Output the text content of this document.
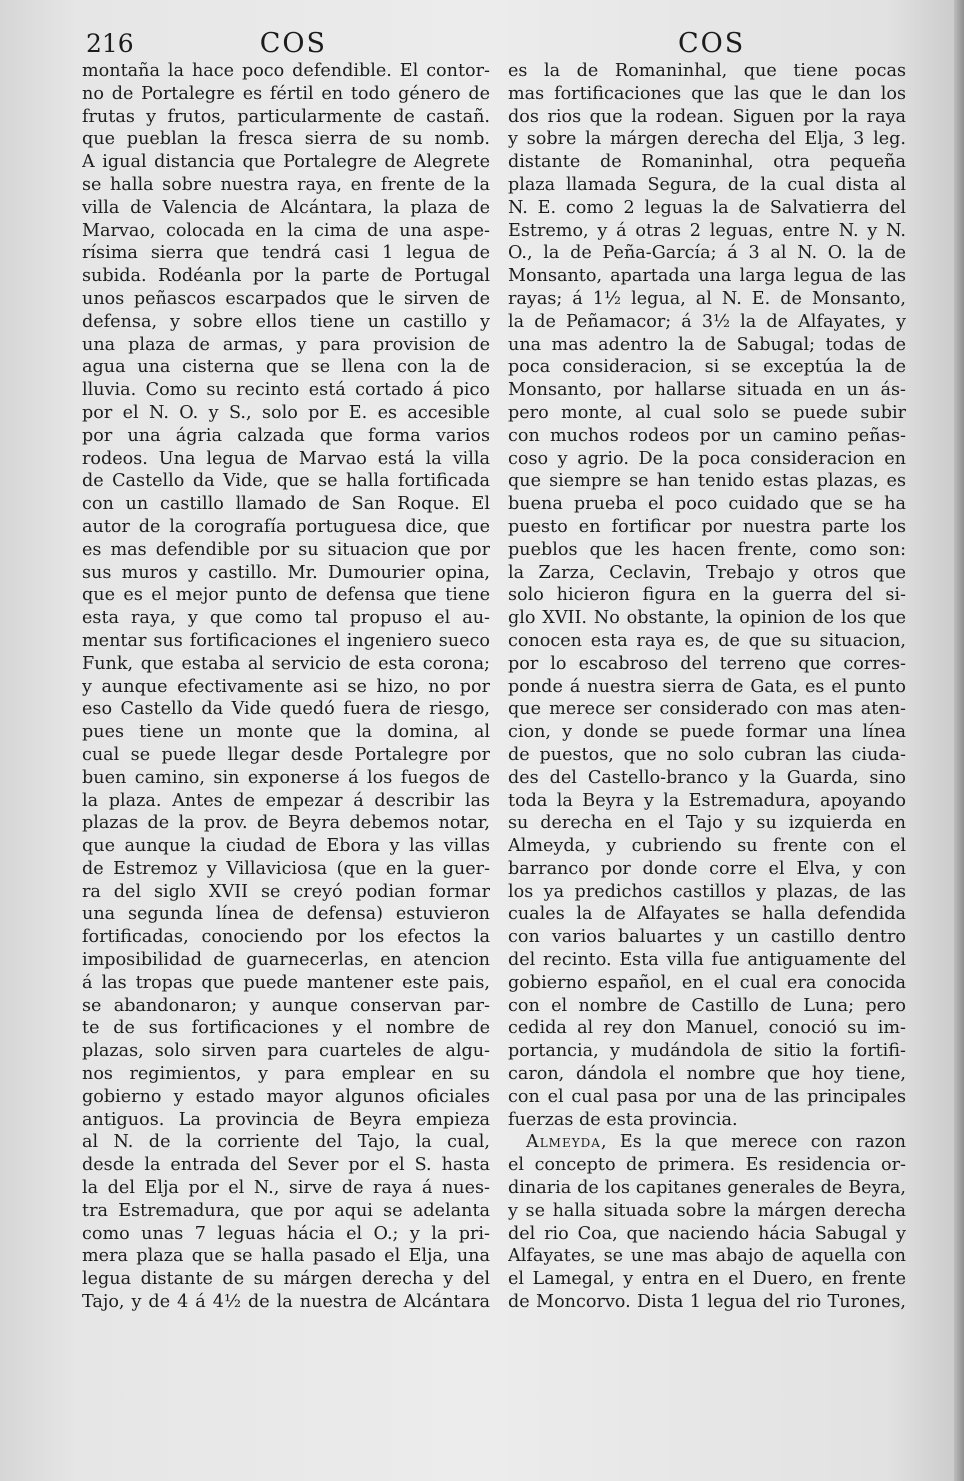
216	COS	COS
montaña la hace poco defendible. El contor-
no de Portalegre es fértil en todo género de
frutas y frutos, particularmente de castañ.
que pueblan la fresca sierra de su nomb.
A igual distancia que Portalegre de Alegrete
se halla sobre nuestra raya, en frente de la
villa de Valencia de Alcántara, la plaza de
Marvao, colocada en la cima de una aspe-
rísima sierra que tendrá casi 1 legua de
subida. Rodéanla por la parte de Portugal
unos peñascos escarpados que le sirven de
defensa, y sobre ellos tiene un castillo y
una plaza de armas, y para provision de
agua una cisterna que se llena con la de
lluvia. Como su recinto está cortado á pico
por el N. O. y S., solo por E. es accesible
por una ágria calzada que forma varios
rodeos. Una legua de Marvao está la villa
de Castello da Vide, que se halla fortificada
con un castillo llamado de San Roque. El
autor de la corografía portuguesa dice, que
es mas defendible por su situacion que por
sus muros y castillo. Mr. Dumourier opina,
que es el mejor punto de defensa que tiene
esta raya, y que como tal propuso el au-
mentar sus fortificaciones el ingeniero sueco
Funk, que estaba al servicio de esta corona;
y aunque efectivamente asi se hizo, no por
eso Castello da Vide quedó fuera de riesgo,
pues tiene un monte que la domina, al
cual se puede llegar desde Portalegre por
buen camino, sin exponerse á los fuegos de
la plaza. Antes de empezar á describir las
plazas de la prov. de Beyra debemos notar,
que aunque la ciudad de Ebora y las villas
de Estremoz y Villaviciosa (que en la guer-
ra del siglo XVII se creyó podian formar
una segunda línea de defensa) estuvieron
fortificadas, conociendo por los efectos la
imposibilidad de guarnecerlas, en atencion
á las tropas que puede mantener este pais,
se abandonaron; y aunque conservan par-
te de sus fortificaciones y el nombre de
plazas, solo sirven para cuarteles de algu-
nos regimientos, y para emplear en su
gobierno y estado mayor algunos oficiales
antiguos. La provincia de Beyra empieza
al N. de la corriente del Tajo, la cual,
desde la entrada del Sever por el S. hasta
la del Elja por el N., sirve de raya á nues-
tra Estremadura, que por aqui se adelanta
como unas 7 leguas hácia el O.; y la pri-
mera plaza que se halla pasado el Elja, una
legua distante de su márgen derecha y del
Tajo, y de 4 á 4½ de la nuestra de Alcántara
es la de Romaninhal, que tiene pocas
mas fortificaciones que las que le dan los
dos rios que la rodean. Siguen por la raya
y sobre la márgen derecha del Elja, 3 leg.
distante de Romaninhal, otra pequeña
plaza llamada Segura, de la cual dista al
N. E. como 2 leguas la de Salvatierra del
Estremo, y á otras 2 leguas, entre N. y N.
O., la de Peña-García; á 3 al N. O. la de
Monsanto, apartada una larga legua de las
rayas; á 1½ legua, al N. E. de Monsanto,
la de Peñamacor; á 3½ la de Alfayates, y
una mas adentro la de Sabugal; todas de
poca consideracion, si se exceptúa la de
Monsanto, por hallarse situada en un ás-
pero monte, al cual solo se puede subir
con muchos rodeos por un camino peñas-
coso y agrio. De la poca consideracion en
que siempre se han tenido estas plazas, es
buena prueba el poco cuidado que se ha
puesto en fortificar por nuestra parte los
pueblos que les hacen frente, como son:
la Zarza, Ceclavin, Trebajo y otros que
solo hicieron figura en la guerra del si-
glo XVII. No obstante, la opinion de los que
conocen esta raya es, de que su situacion,
por lo escabroso del terreno que corres-
ponde á nuestra sierra de Gata, es el punto
que merece ser considerado con mas aten-
cion, y donde se puede formar una línea
de puestos, que no solo cubran las ciuda-
des del Castello-branco y la Guarda, sino
toda la Beyra y la Estremadura, apoyando
su derecha en el Tajo y su izquierda en
Almeyda, y cubriendo su frente con el
barranco por donde corre el Elva, y con
los ya predichos castillos y plazas, de las
cuales la de Alfayates se halla defendida
con varios baluartes y un castillo dentro
del recinto. Esta villa fue antiguamente del
gobierno español, en el cual era conocida
con el nombre de Castillo de Luna; pero
cedida al rey don Manuel, conoció su im-
portancia, y mudándola de sitio la fortifi-
caron, dándola el nombre que hoy tiene,
con el cual pasa por una de las principales
fuerzas de esta provincia.
Almeyda, Es la que merece con razon
el concepto de primera. Es residencia or-
dinaria de los capitanes generales de Beyra,
y se halla situada sobre la márgen derecha
del rio Coa, que naciendo hácia Sabugal y
Alfayates, se une mas abajo de aquella con
el Lamegal, y entra en el Duero, en frente
de Moncorvo. Dista 1 legua del rio Turones,
